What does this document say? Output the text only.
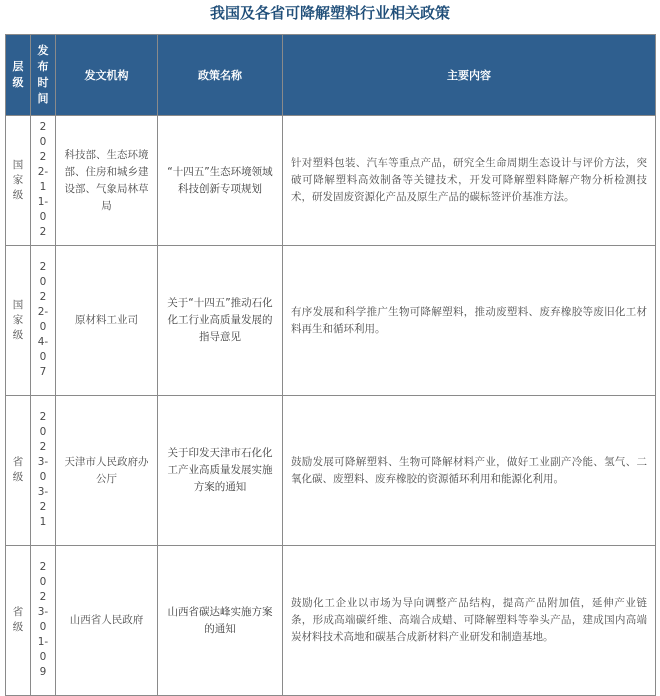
我国及各省可降解塑料行业相关政策
层级	发布时间	发文机构	政策名称	主要内容
国家级	2022-11-02	科技部、生态环境部、住房和城乡建设部、气象局林草局	“十四五”生态环境领域科技创新专项规划	针对塑料包装、汽车等重点产品，研究全生命周期生态设计与评价方法，突破可降解塑料高效制备等关键技术，开发可降解塑料降解产物分析检测技术，研发固废资源化产品及原生产品的碳标签评价基准方法。

国家级	2022-04-07	原材料工业司	关于“十四五”推动石化化工行业高质量发展的指导意见	有序发展和科学推广生物可降解塑料，推动废塑料、废弃橡胶等废旧化工材料再生和循环利用。

省级	2023-03-21	天津市人民政府办公厅	关于印发天津市石化化工产业高质量发展实施方案的通知	鼓励发展可降解塑料、生物可降解材料产业，做好工业副产冷能、氢气、二氧化碳、废塑料、废弃橡胶的资源循环利用和能源化利用。

省级	2023-01-09	山西省人民政府	山西省碳达峰实施方案的通知	鼓励化工企业以市场为导向调整产品结构，提高产品附加值，延伸产业链条，形成高端碳纤维、高端合成蜡、可降解塑料等拳头产品，建成国内高端炭材料技术高地和碳基合成新材料产业研发和制造基地。
